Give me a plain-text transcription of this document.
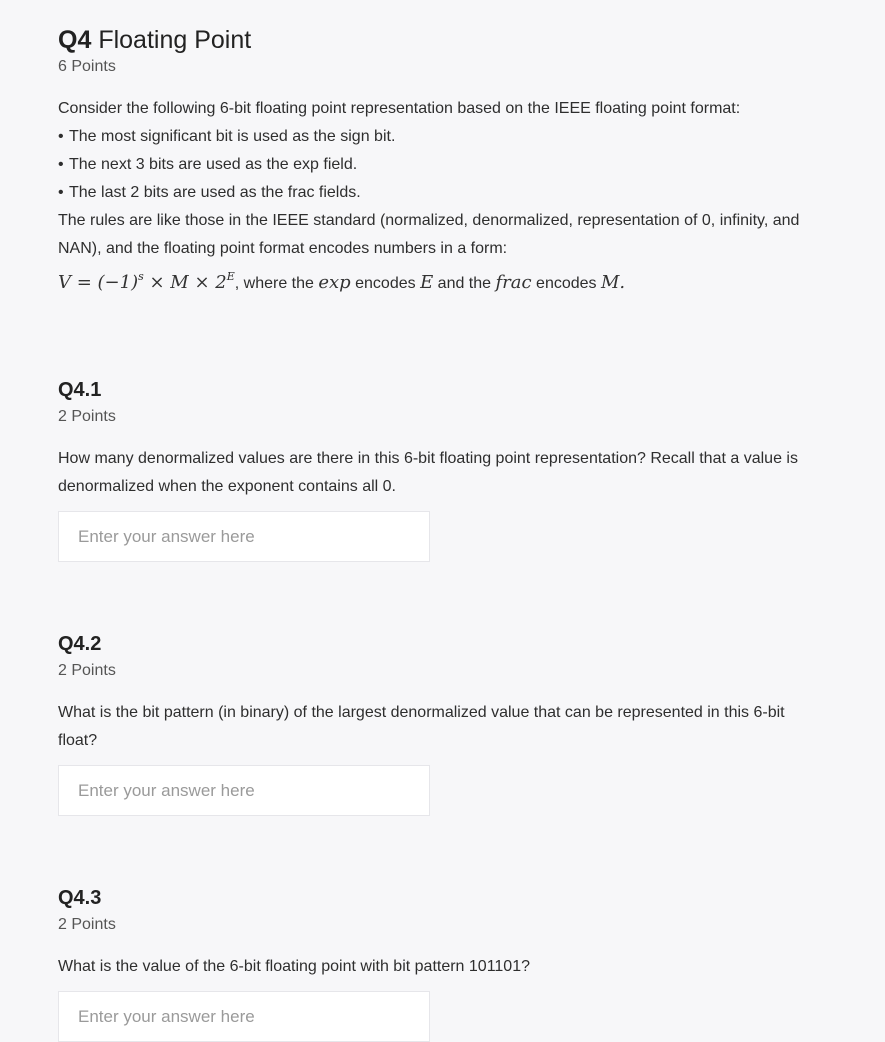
Q4 Floating Point
6 Points

Consider the following 6-bit floating point representation based on the IEEE floating point format:

• The most significant bit is used as the sign bit.
• The next 3 bits are used as the exp field.
• The last 2 bits are used as the frac fields.

The rules are like those in the IEEE standard (normalized, denormalized, representation of 0, infinity, and NAN), and the floating point format encodes numbers in a form:

$V = (-1)^s \times M \times 2^E$, where the exp encodes E and the frac encodes M.

Q4.1
2 Points
How many denormalized values are there in this 6-bit floating point representation? Recall that a value is denormalized when the exponent contains all 0.
Enter your answer here
Q4.2
2 Points
What is the bit pattern (in binary) of the largest denormalized value that can be represented in this 6-bit float?
Enter your answer here
Q4.3
2 Points
What is the value of the 6-bit floating point with bit pattern 101101?
Enter your answer here
